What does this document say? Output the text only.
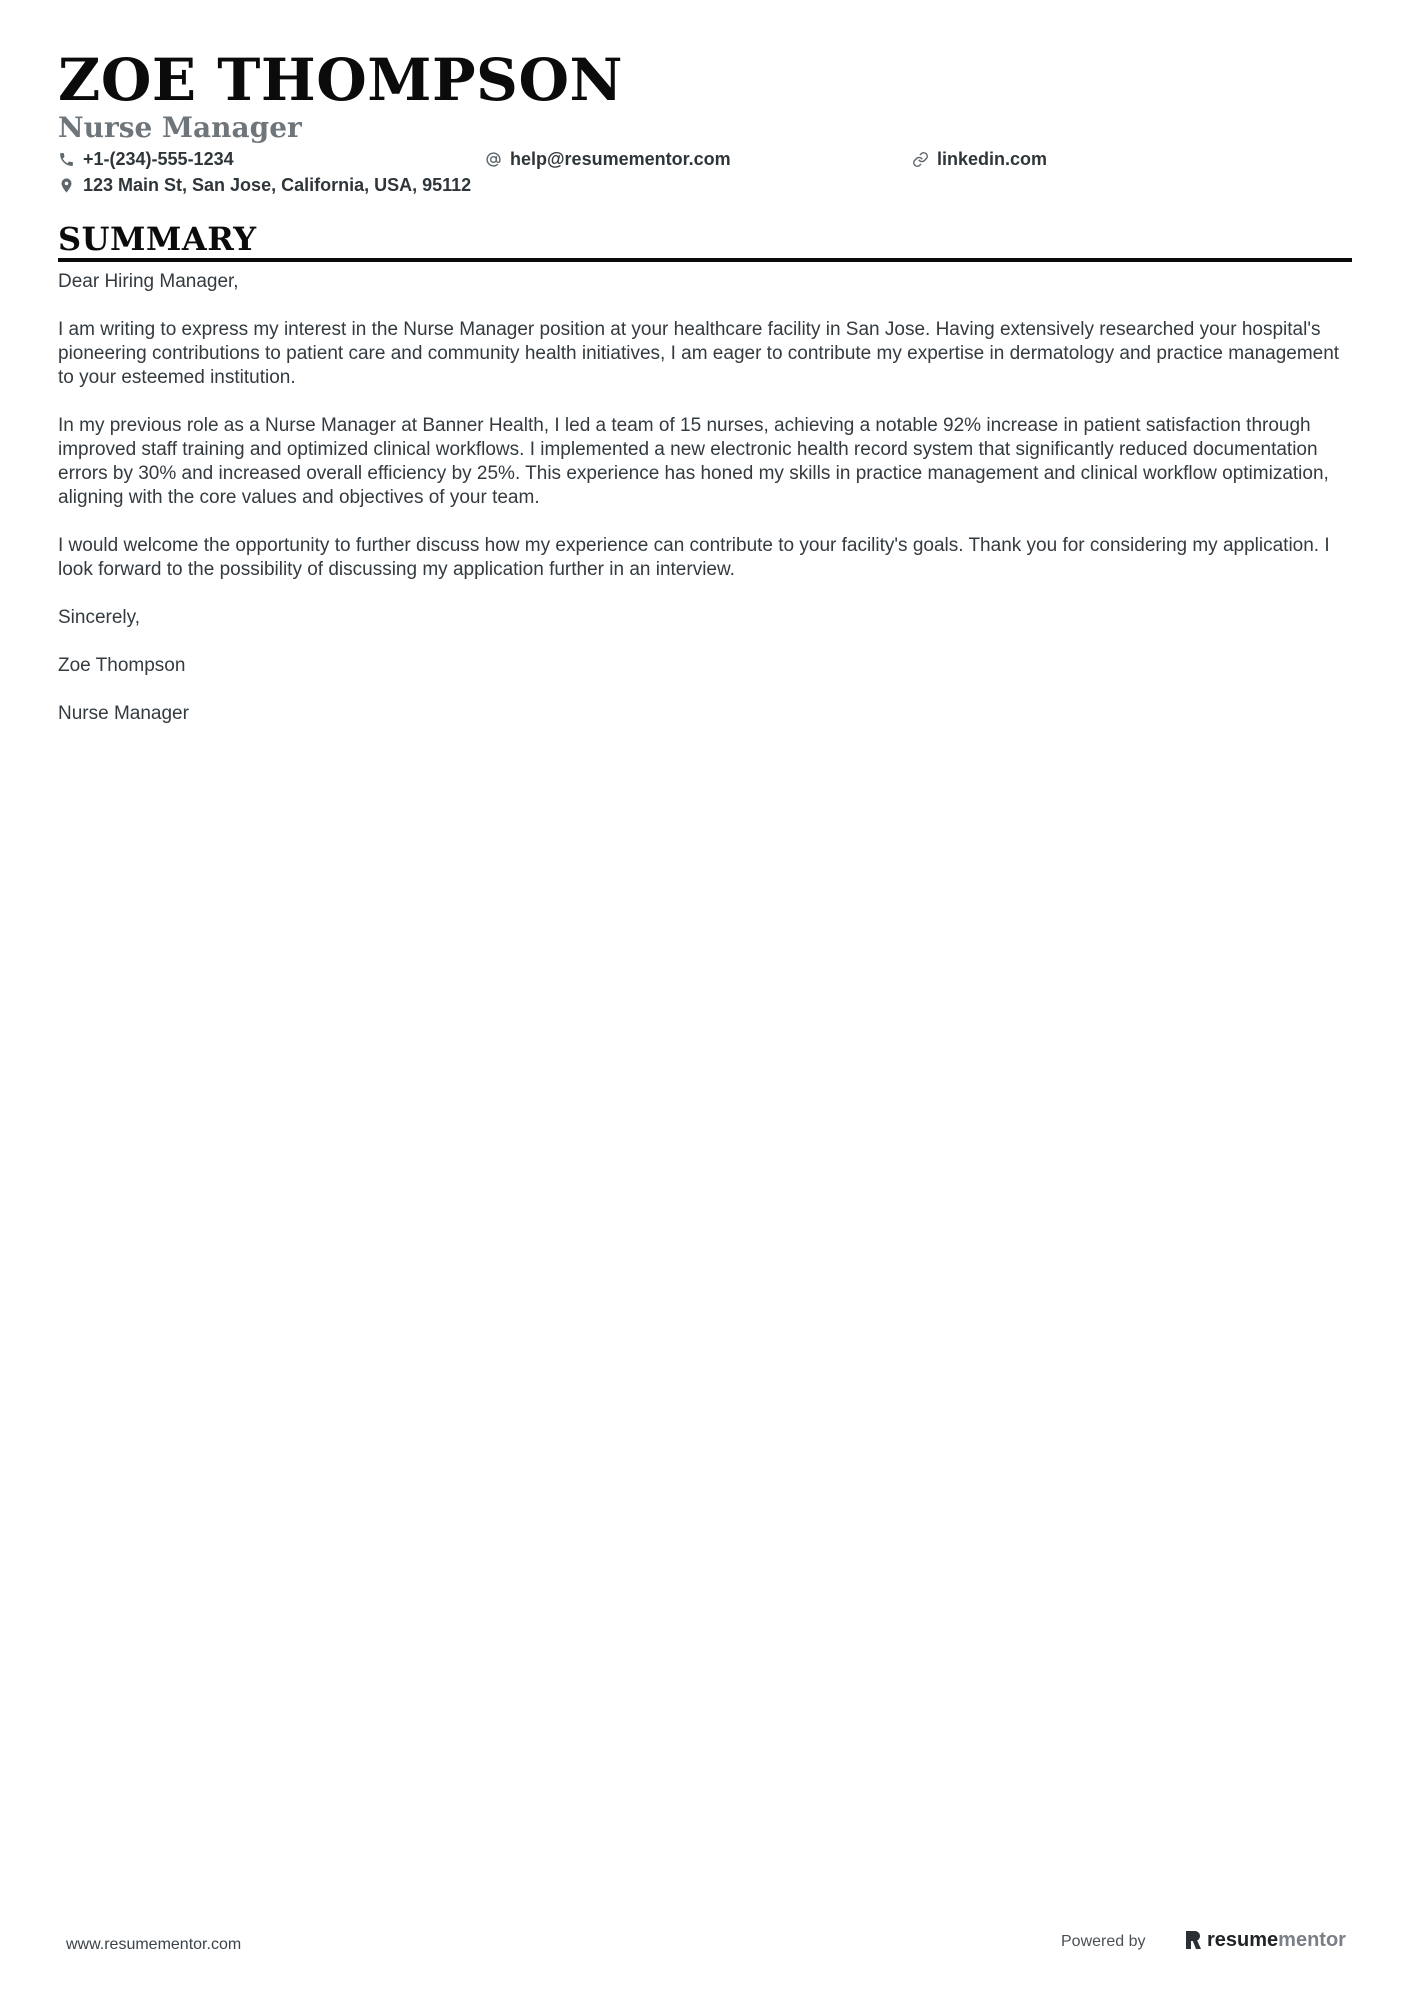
ZOE THOMPSON
Nurse Manager
+1-(234)-555-1234	help@resumementor.com	linkedin.com
123 Main St, San Jose, California, USA, 95112
SUMMARY

Dear Hiring Manager,

I am writing to express my interest in the Nurse Manager position at your healthcare facility in San Jose. Having extensively researched your hospital's pioneering contributions to patient care and community health initiatives, I am eager to contribute my expertise in dermatology and practice management to your esteemed institution.

In my previous role as a Nurse Manager at Banner Health, I led a team of 15 nurses, achieving a notable 92% increase in patient satisfaction through improved staff training and optimized clinical workflows. I implemented a new electronic health record system that significantly reduced documentation errors by 30% and increased overall efficiency by 25%. This experience has honed my skills in practice management and clinical workflow optimization, aligning with the core values and objectives of your team.

I would welcome the opportunity to further discuss how my experience can contribute to your facility's goals. Thank you for considering my application. I look forward to the possibility of discussing my application further in an interview.

Sincerely,

Zoe Thompson

Nurse Manager

www.resumementor.com	Powered by	resumementor
